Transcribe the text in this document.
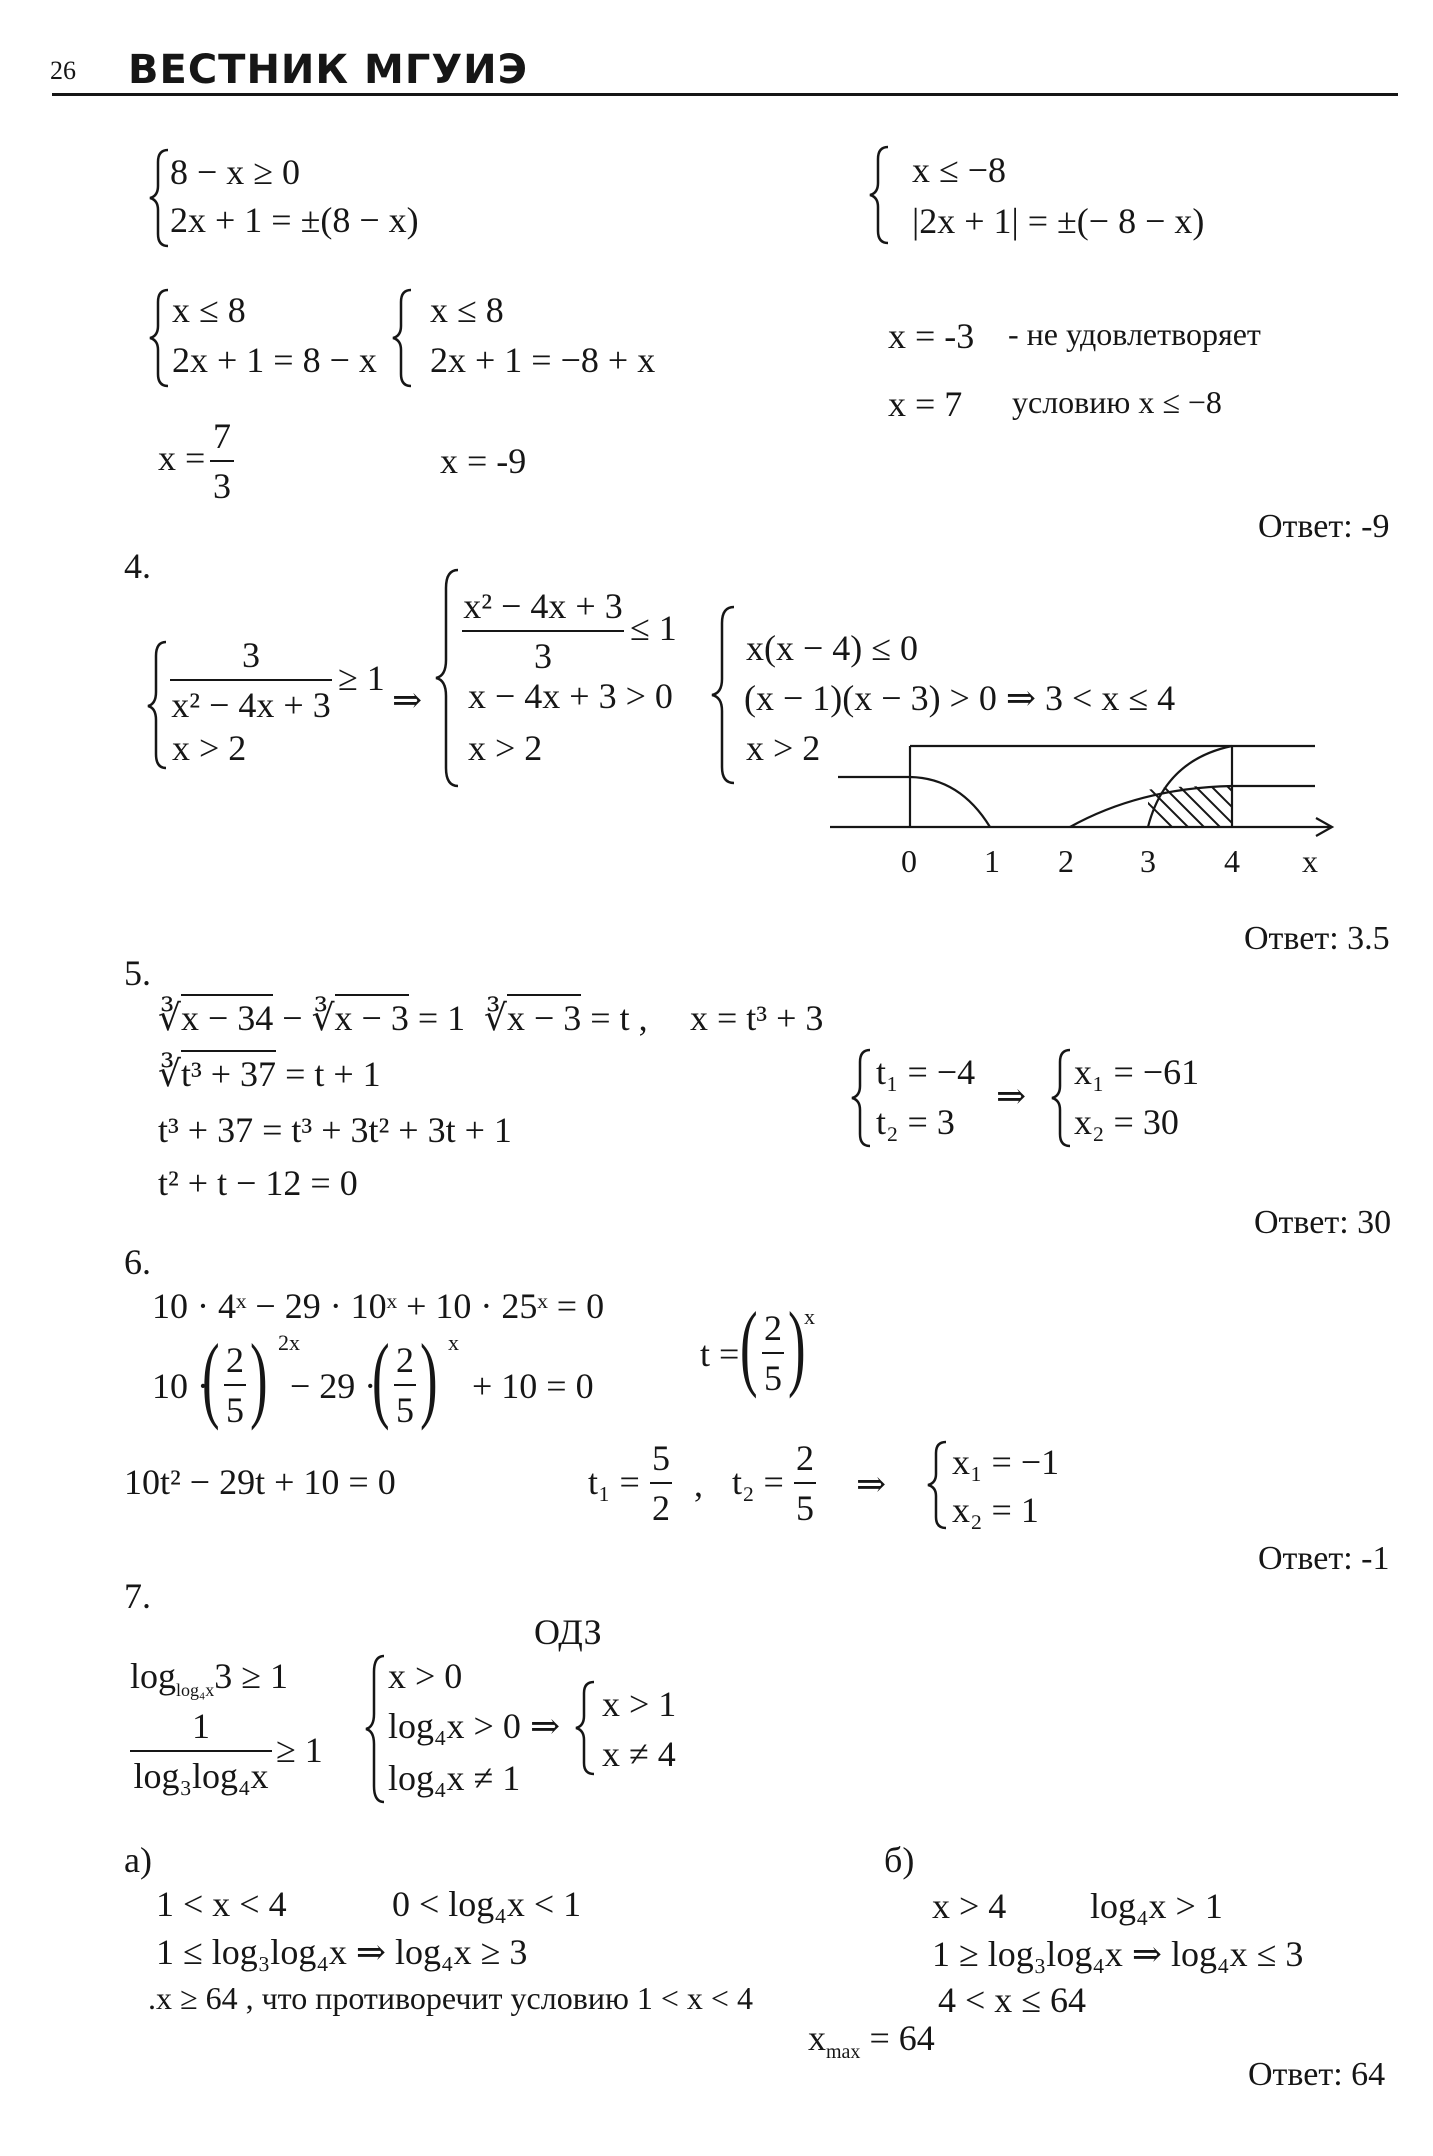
26 ВЕСТНИК МГУИЭ
8 − x ≥ 0
2x + 1 = ±(8 − x)
x ≤ −8
|2x + 1| = ±(− 8 − x)
x ≤ 8
2x + 1 = 8 − x
x ≤ 8
2x + 1 = −8 + x
x = -3 - не удовлетворяет
x = 7 условию x ≤ −8
x =
7
3
x = -9
Ответ: -9
4.
3
x² − 4x + 3
≥ 1
x > 2
⇒
x² − 4x + 3
3
≤ 1
x − 4x + 3 > 0
x > 2
x(x − 4) ≤ 0
(x − 1)(x − 3) > 0 ⇒ 3 < x ≤ 4
x > 2
0 1 2 3 4 x
Ответ: 3.5
5.
∛x − 34 − ∛x − 3 = 1 ∛x − 3 = t , x = t³ + 3
∛t³ + 37 = t + 1
t³ + 37 = t³ + 3t² + 3t + 1
t² + t − 12 = 0
t₁ = −4
t₂ = 3
⇒
x₁ = −61
x₂ = 30
Ответ: 30
6.
10 · 4ˣ − 29 · 10ˣ + 10 · 25ˣ = 0
10 ·
( 2
5 ) 2x
− 29 ·
( 2
5 ) x
+ 10 = 0
t = ( 2
5 )
x
10t² − 29t + 10 = 0	t₁ =
5
2
, t₂ =
2
5
⇒
x₁ = −1
x₂ = 1
Ответ: -1
7.
ОДЗ
$\log_{log_4x}3 \ge 1$
1
log₃log₄x
≥ 1
x > 0
log₄x > 0
log₄x ≠ 1
⇒
x > 1
x ≠ 4
а)
1 < x < 4	0 < log₄x < 1
1 ≤ log₃log₄x ⇒ log₄x ≥ 3
.x ≥ 64 , что противоречит условию 1 < x < 4
б)
x > 4 log₄x > 1
1 ≥ log₃log₄x ⇒ log₄x ≤ 3
4 < x ≤ 64
$x_{max} = 64$
Ответ: 64
